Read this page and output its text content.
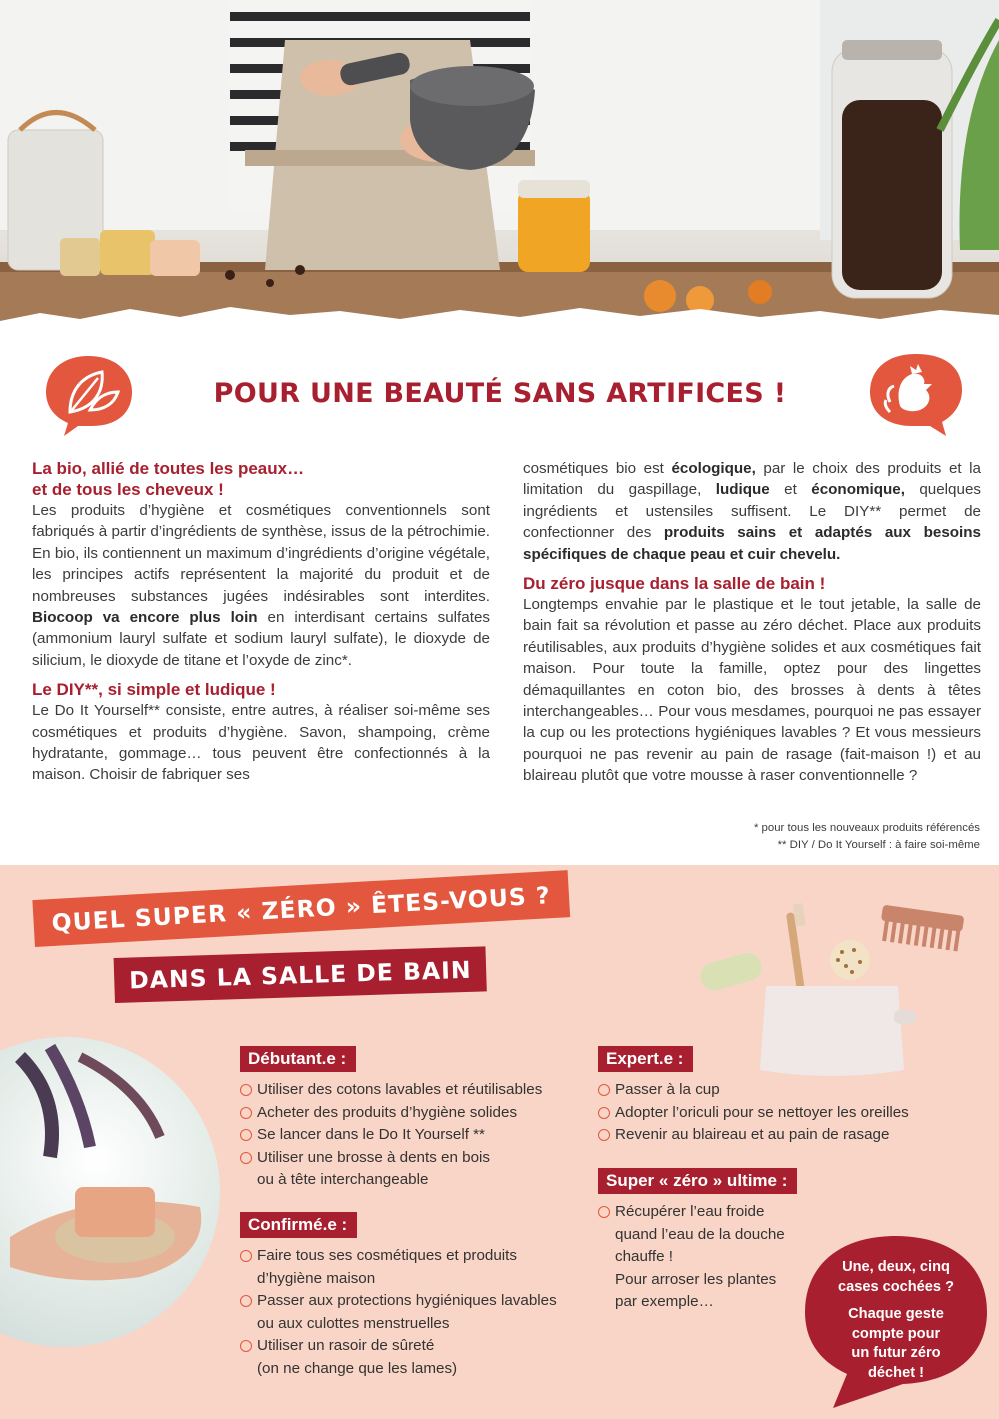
POUR UNE BEAUTÉ SANS ARTIFICES !
La bio, allié de toutes les peaux…
et de tous les cheveux !

Les produits d’hygiène et cosmétiques conventionnels sont fabriqués à partir d’ingrédients de synthèse, issus de la pétrochimie. En bio, ils contiennent un maximum d’ingrédients d’origine végétale, les principes actifs représentent la majorité du produit et de nombreuses substances jugées indésirables sont interdites. Biocoop va encore plus loin en interdisant certains sulfates (ammonium lauryl sulfate et sodium lauryl sulfate), le dioxyde de silicium, le dioxyde de titane et l’oxyde de zinc*.

Le DIY**, si simple et ludique !

Le Do It Yourself** consiste, entre autres, à réaliser soi-même ses cosmétiques et produits d’hygiène. Savon, shampoing, crème hydratante, gommage… tous peuvent être confectionnés à la maison. Choisir de fabriquer ses

cosmétiques bio est écologique, par le choix des produits et la limitation du gaspillage, ludique et économique, quelques ingrédients et ustensiles suffisent. Le DIY** permet de confectionner des produits sains et adaptés aux besoins spécifiques de chaque peau et cuir chevelu.

Du zéro jusque dans la salle de bain !

Longtemps envahie par le plastique et le tout jetable, la salle de bain fait sa révolution et passe au zéro déchet. Place aux produits réutilisables, aux produits d’hygiène solides et aux cosmétiques fait maison. Pour toute la famille, optez pour des lingettes démaquillantes en coton bio, des brosses à dents à têtes interchangeables… Pour vous mesdames, pourquoi ne pas essayer la cup ou les protections hygiéniques lavables ? Et vous messieurs pourquoi ne pas revenir au pain de rasage (fait-maison !) et au blaireau plutôt que votre mousse à raser conventionnelle ?

* pour tous les nouveaux produits référencés
** DIY / Do It Yourself : à faire soi-même
QUEL SUPER « ZÉRO » ÊTES-VOUS ?
DANS LA SALLE DE BAIN
Débutant.e :
Utiliser des cotons lavables et réutilisables
Acheter des produits d’hygiène solides
Se lancer dans le Do It Yourself **
Utiliser une brosse à dents en bois
ou à tête interchangeable
Confirmé.e :
Faire tous ses cosmétiques et produits
d’hygiène maison
Passer aux protections hygiéniques lavables
ou aux culottes menstruelles
Utiliser un rasoir de sûreté
(on ne change que les lames)
Expert.e :
Passer à la cup
Adopter l’oriculi pour se nettoyer les oreilles
Revenir au blaireau et au pain de rasage
Super « zéro » ultime :
Récupérer l’eau froide
quand l’eau de la douche
chauffe !
Pour arroser les plantes
par exemple…
Une, deux, cinq
cases cochées ?
Chaque geste
compte pour
un futur zéro
déchet !
